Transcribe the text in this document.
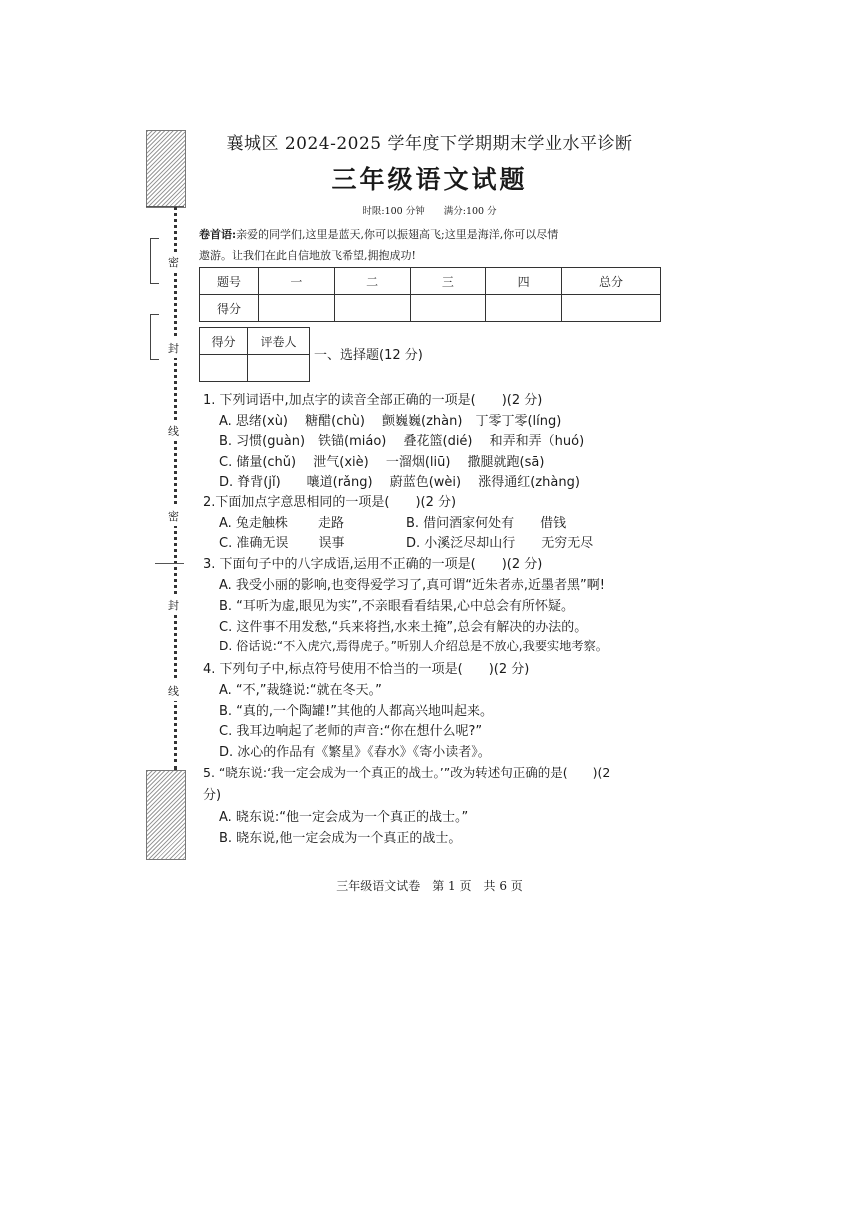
密
封
线
密
封
线
襄城区 2024-2025 学年度下学期期末学业水平诊断
三年级语文试题
时限:100 分钟　　满分:100 分
卷首语:亲爱的同学们,这里是蓝天,你可以振翅高飞;这里是海洋,你可以尽情
遨游。让我们在此自信地放飞希望,拥抱成功!
题号	一	二	三	四	总分
得分					
得分	评卷人

一、选择题(12 分)
1. 下列词语中,加点字的读音全部正确的一项是(　　)(2 分)
A. 思绪(xù)　 糖醋(chù)　 颤巍巍(zhàn)　丁零丁零(líng)
B. 习惯(guàn)　铁锚(miáo)　 叠花篮(dié)　 和弄和弄（huó)
C. 储量(chǔ)　 泄气(xiè)　 一溜烟(liū)　 撒腿就跑(sā)
D. 脊背(jǐ)　　嚷道(rǎng)　 蔚蓝色(wèi)　 涨得通红(zhàng)
2.下面加点字意思相同的一项是(　　)(2 分)
A. 兔走触株　　 走路	B. 借问酒家何处有　　借钱
C. 准确无误　　 误事	D. 小溪泛尽却山行　　无穷无尽
3. 下面句子中的八字成语,运用不正确的一项是(　　)(2 分)
A. 我受小丽的影响,也变得爱学习了,真可谓“近朱者赤,近墨者黑”啊!
B. “耳听为虚,眼见为实”,不亲眼看看结果,心中总会有所怀疑。
C. 这件事不用发愁,“兵来将挡,水来土掩”,总会有解决的办法的。
D. 俗话说:“不入虎穴,焉得虎子。”听别人介绍总是不放心,我要实地考察。
4. 下列句子中,标点符号使用不恰当的一项是(　　)(2 分)
A. “不,”裁缝说:“就在冬天。”
B. “真的,一个陶罐!”其他的人都高兴地叫起来。
C. 我耳边响起了老师的声音:“你在想什么呢?”
D. 冰心的作品有《繁星》《春水》《寄小读者》。
5. “晓东说:‘我一定会成为一个真正的战士。’”改为转述句正确的是(　　)(2
分)
A. 晓东说:“他一定会成为一个真正的战士。”
B. 晓东说,他一定会成为一个真正的战士。
三年级语文试卷　第 1 页　共 6 页
